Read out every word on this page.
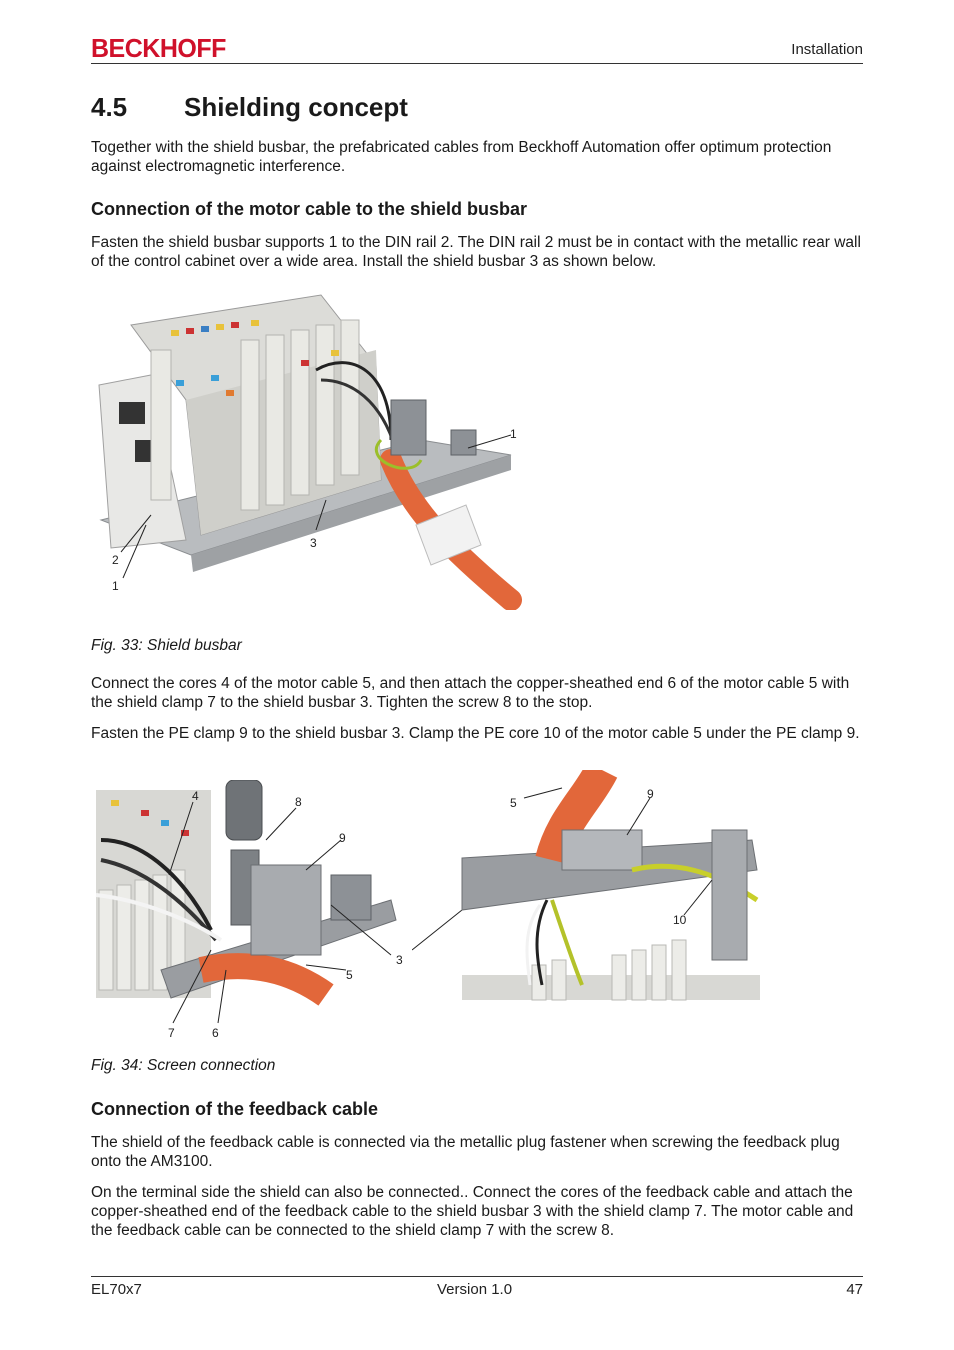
BECKHOFF	Installation
4.5 Shielding concept
Together with the shield busbar, the prefabricated cables from Beckhoff Automation offer optimum protection against electromagnetic interference.
Connection of the motor cable to the shield busbar
Fasten the shield busbar supports 1 to the DIN rail 2. The DIN rail 2 must be in contact with the metallic rear wall of the control cabinet over a wide area. Install the shield busbar 3 as shown below.
1
2
1
3
Fig. 33: Shield busbar
Connect the cores 4 of the motor cable 5, and then attach the copper-sheathed end 6 of the motor cable 5 with the shield clamp 7 to the shield busbar 3. Tighten the screw 8 to the stop.
Fasten the PE clamp 9 to the shield busbar 3. Clamp the PE core 10 of the motor cable 5 under the PE clamp 9.
4	8
9
3
5
7	6
5
9
10
Fig. 34: Screen connection
Connection of the feedback cable
The shield of the feedback cable is connected via the metallic plug fastener when screwing the feedback plug onto the AM3100.
On the terminal side the shield can also be connected.. Connect the cores of the feedback cable and attach the copper-sheathed end of the feedback cable to the shield busbar 3 with the shield clamp 7. The motor cable and the feedback cable can be connected to the shield clamp 7 with the screw 8.
EL70x7	Version 1.0	47
